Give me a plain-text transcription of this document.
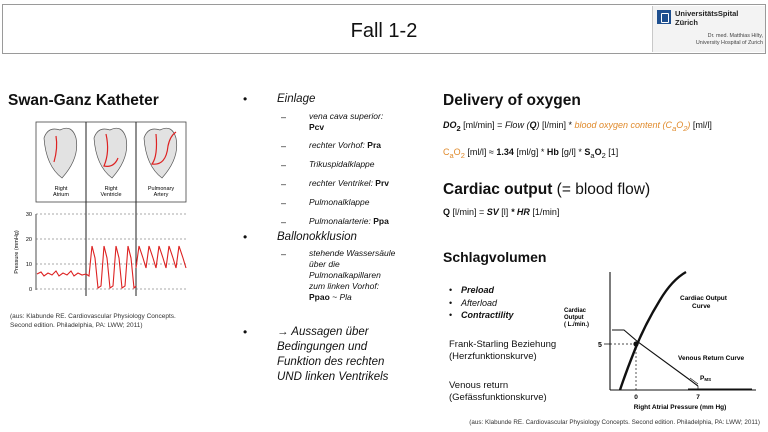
Fall 1-2
UniversitätsSpital
Zürich
Dr. med. Matthias Hilty,
University Hospital of Zurich
Swan-Ganz Katheter
Right
Atrium
Right
Ventricle
Pulmonary
Artery
30
20
10
0
Pressure (mmHg)
(aus: Klabunde RE. Cardiovascular Physiology Concepts.
Second edition. Philadelphia, PA: LWW; 2011)
•	Einlage
–	vena cava superior:
Pcv
–	rechter Vorhof: Pra
–	Trikuspidalklappe
–	rechter Ventrikel: Prv
–	Pulmonalklappe
–	Pulmonalarterie: Ppa
•	Ballonokklusion
–	stehende Wassersäule
über die
Pulmonalkapillaren
zum linken Vorhof:
Ppao ~ Pla
•	→ Aussagen über
Bedingungen und
Funktion des rechten
UND linken Ventrikels
Delivery of oxygen
$DO_2$ [ml/min] = Flow (Q) [l/min] * blood oxygen content $(C_aO_2)$ [ml/l]
$C_aO_2$ [ml/l] ≈ 1.34 [ml/g] * Hb $[g/l] * S_aO_2$ [1]
Cardiac output (= blood flow)
Q [l/min] = SV [l] * HR [1/min]
Schlagvolumen
• Preload
• Afterload
• Contractility
Frank-Starling Beziehung
(Herzfunktionskurve)
Venous return
(Gefässfunktionskurve)
Cardiac
Output
( L./min.)
Cardiac Output
Curve
Venous Return Curve
PMS
5
0	7
Right Atrial Pressure (mm Hg)
(aus: Klabunde RE. Cardiovascular Physiology Concepts. Second edition. Philadelphia, PA: LWW; 2011)
